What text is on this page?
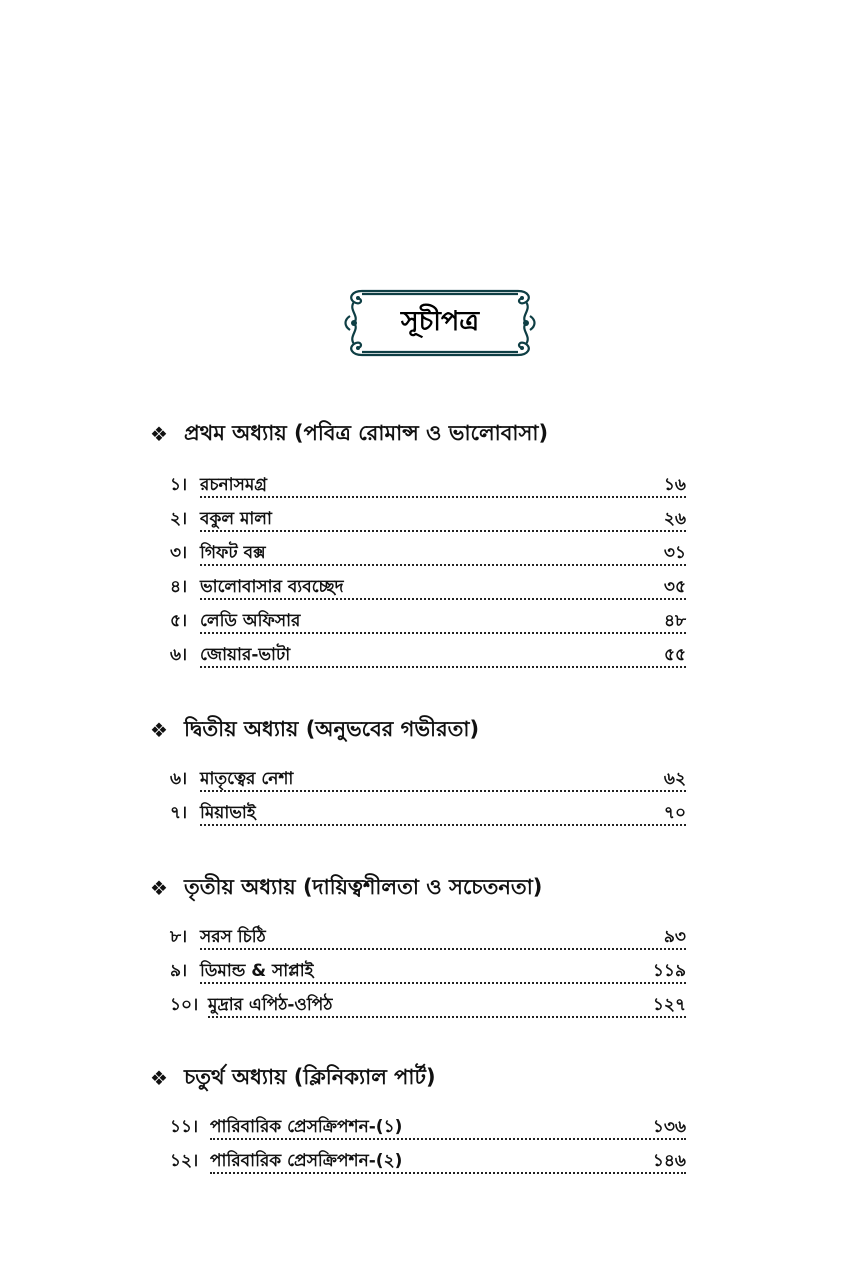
সূচীপত্র
❖ প্রথম অধ্যায় (পবিত্র রোমান্স ও ভালোবাসা)
১। রচনাসমগ্র	১৬
২। বকুল মালা	২৬
৩। গিফট বক্স	৩১
৪। ভালোবাসার ব্যবচ্ছেদ	৩৫
৫। লেডি অফিসার	৪৮
৬। জোয়ার-ভাটা	৫৫
❖ দ্বিতীয় অধ্যায় (অনুভবের গভীরতা)
৬। মাতৃত্বের নেশা	৬২
৭। মিয়াভাই	৭০
❖ তৃতীয় অধ্যায় (দায়িত্বশীলতা ও সচেতনতা)
৮। সরস চিঠি	৯৩
৯। ডিমান্ড & সাপ্লাই	১১৯
১০। মুদ্রার এপিঠ-ওপিঠ	১২৭
❖ চতুর্থ অধ্যায় (ক্লিনিক্যাল পার্ট)
১১। পারিবারিক প্রেসক্রিপশন-(১)	১৩৬
১২। পারিবারিক প্রেসক্রিপশন-(২)	১৪৬
